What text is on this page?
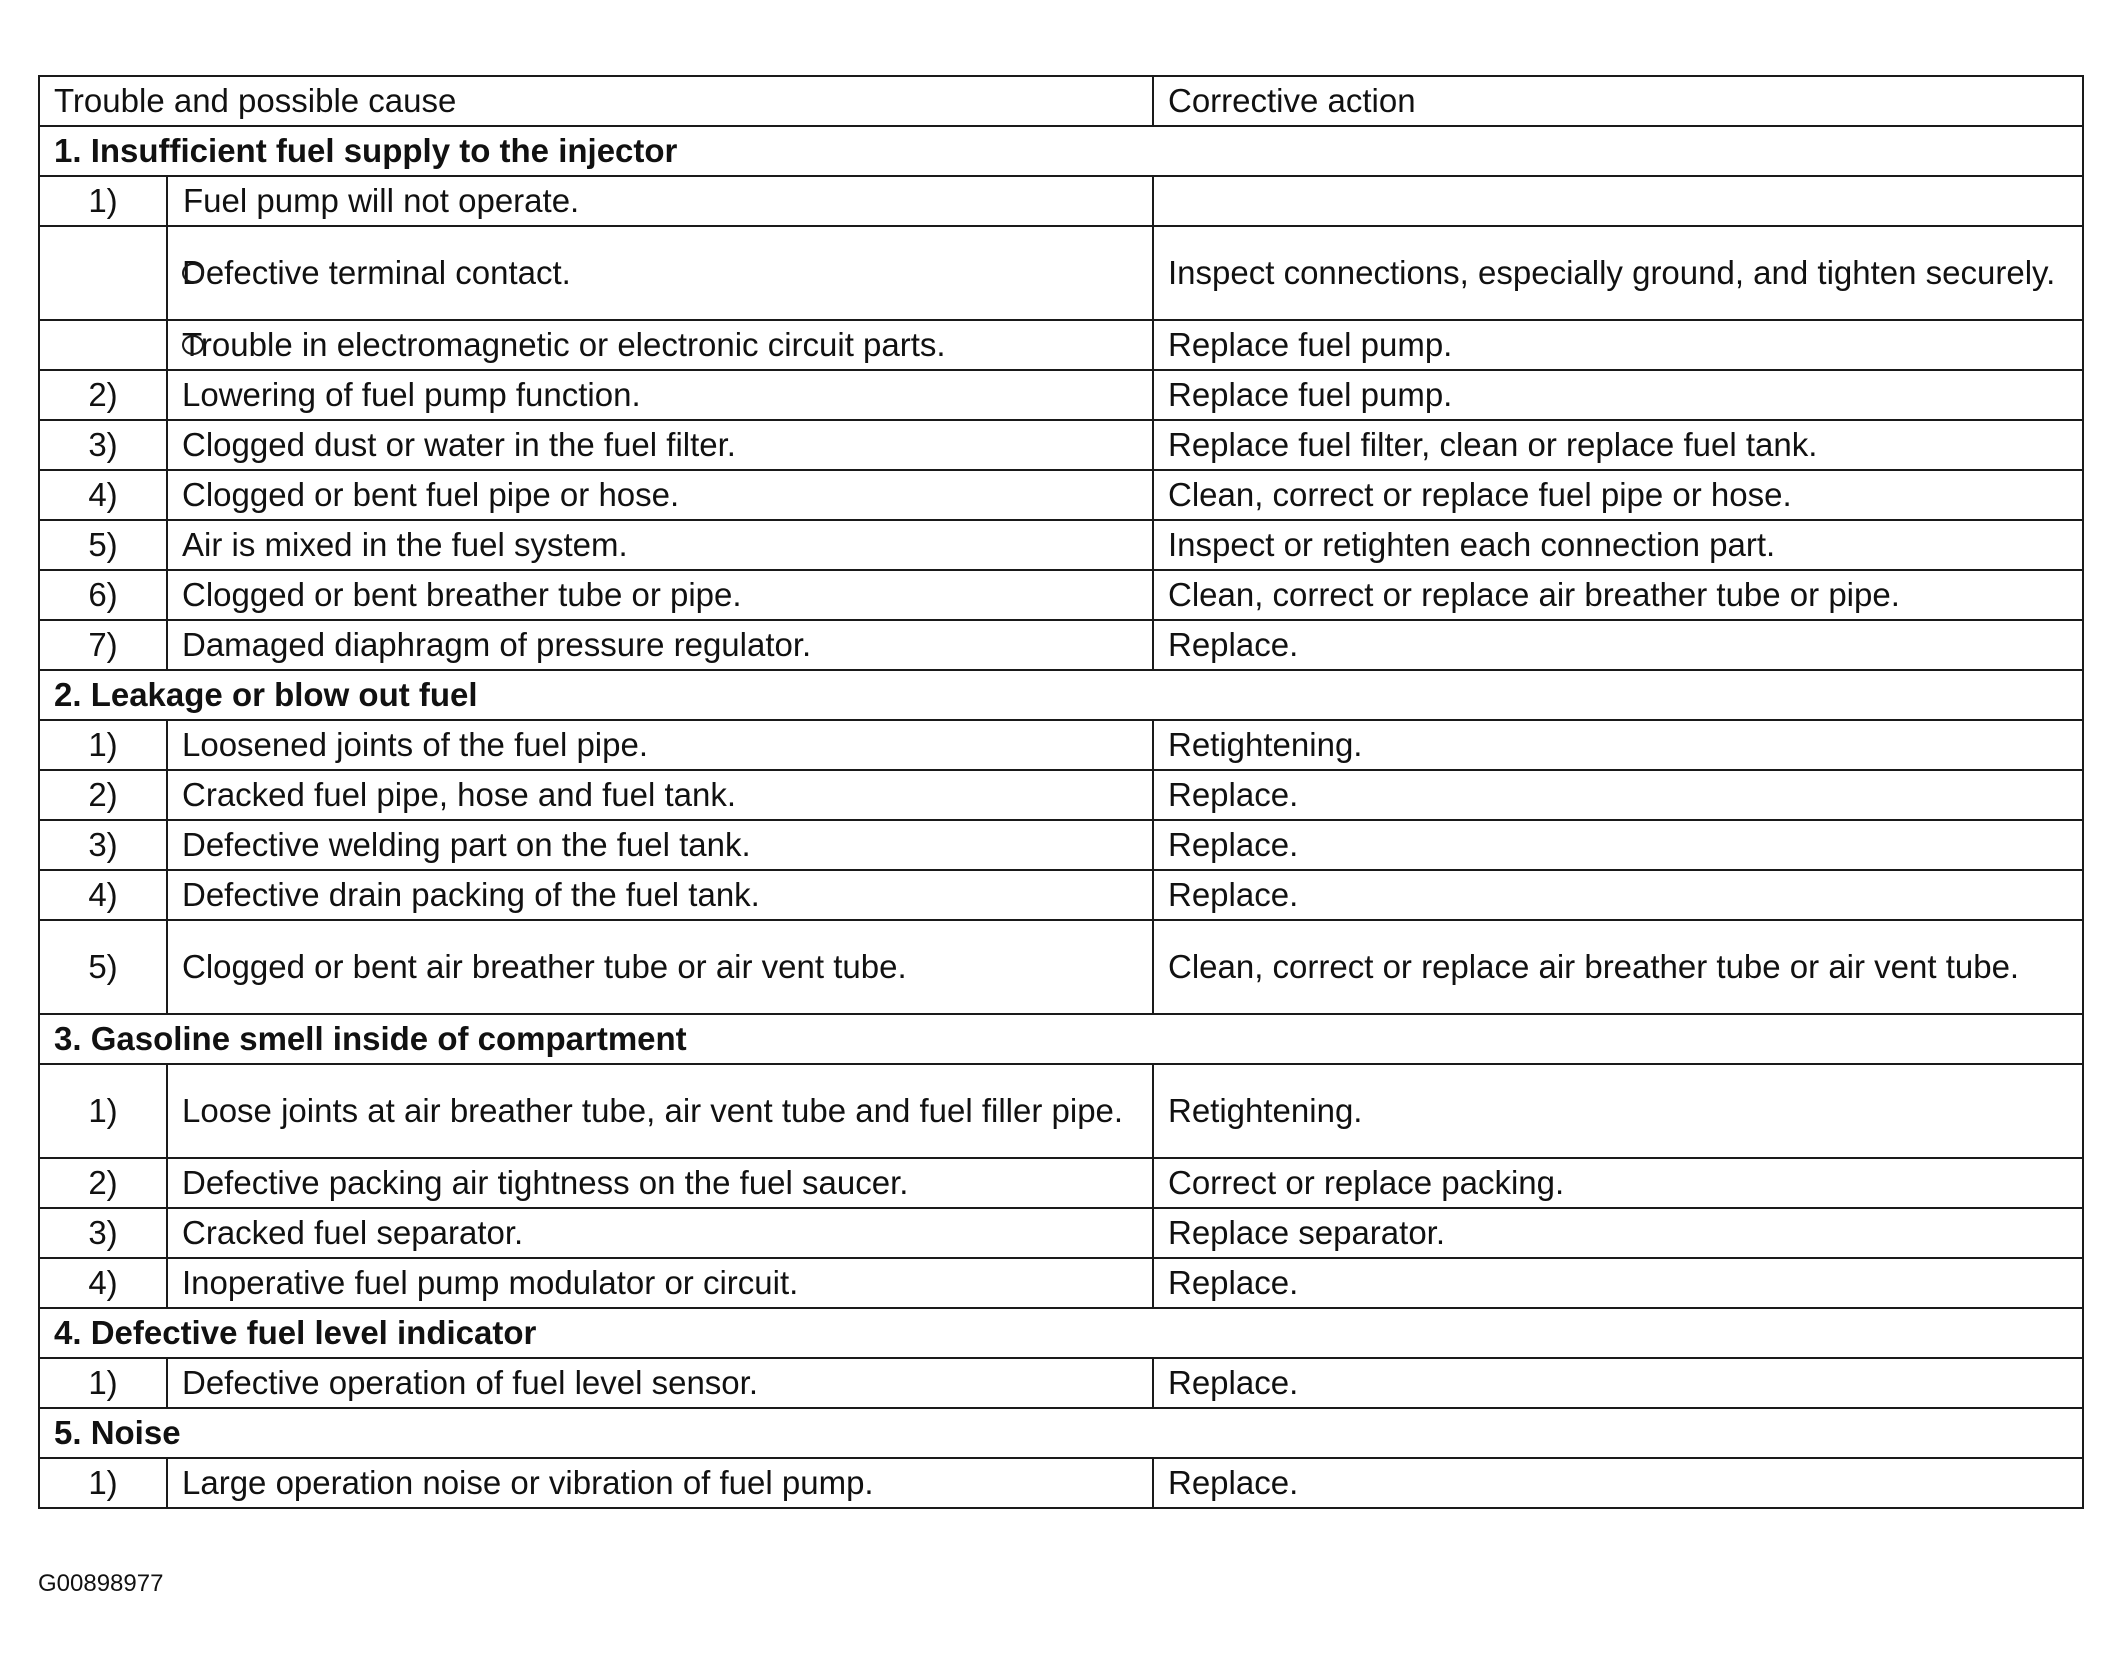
Trouble and possible cause		Corrective action
1. Insufficient fuel supply to the injector		
1)	Fuel pump will not operate.	

Defective terminal contact.	Inspect connections, especially ground, and tighten securely.

Trouble in electromagnetic or electronic circuit parts.	Replace fuel pump.
2)	Lowering of fuel pump function.	Replace fuel pump.
3)	Clogged dust or water in the fuel filter.	Replace fuel filter, clean or replace fuel tank.
4)	Clogged or bent fuel pipe or hose.	Clean, correct or replace fuel pipe or hose.
5)	Air is mixed in the fuel system.	Inspect or retighten each connection part.
6)	Clogged or bent breather tube or pipe.	Clean, correct or replace air breather tube or pipe.
7)	Damaged diaphragm of pressure regulator.	Replace.
2. Leakage or blow out fuel		
1)	Loosened joints of the fuel pipe.	Retightening.
2)	Cracked fuel pipe, hose and fuel tank.	Replace.
3)	Defective welding part on the fuel tank.	Replace.
4)	Defective drain packing of the fuel tank.	Replace.
5)	Clogged or bent air breather tube or air vent tube.	Clean, correct or replace air breather tube or air vent tube.
3. Gasoline smell inside of compartment		
1)	Loose joints at air breather tube, air vent tube and fuel filler pipe.	Retightening.
2)	Defective packing air tightness on the fuel saucer.	Correct or replace packing.
3)	Cracked fuel separator.	Replace separator.
4)	Inoperative fuel pump modulator or circuit.	Replace.
4. Defective fuel level indicator		
1)	Defective operation of fuel level sensor.	Replace.
5. Noise		
1)	Large operation noise or vibration of fuel pump.	Replace.
G00898977
